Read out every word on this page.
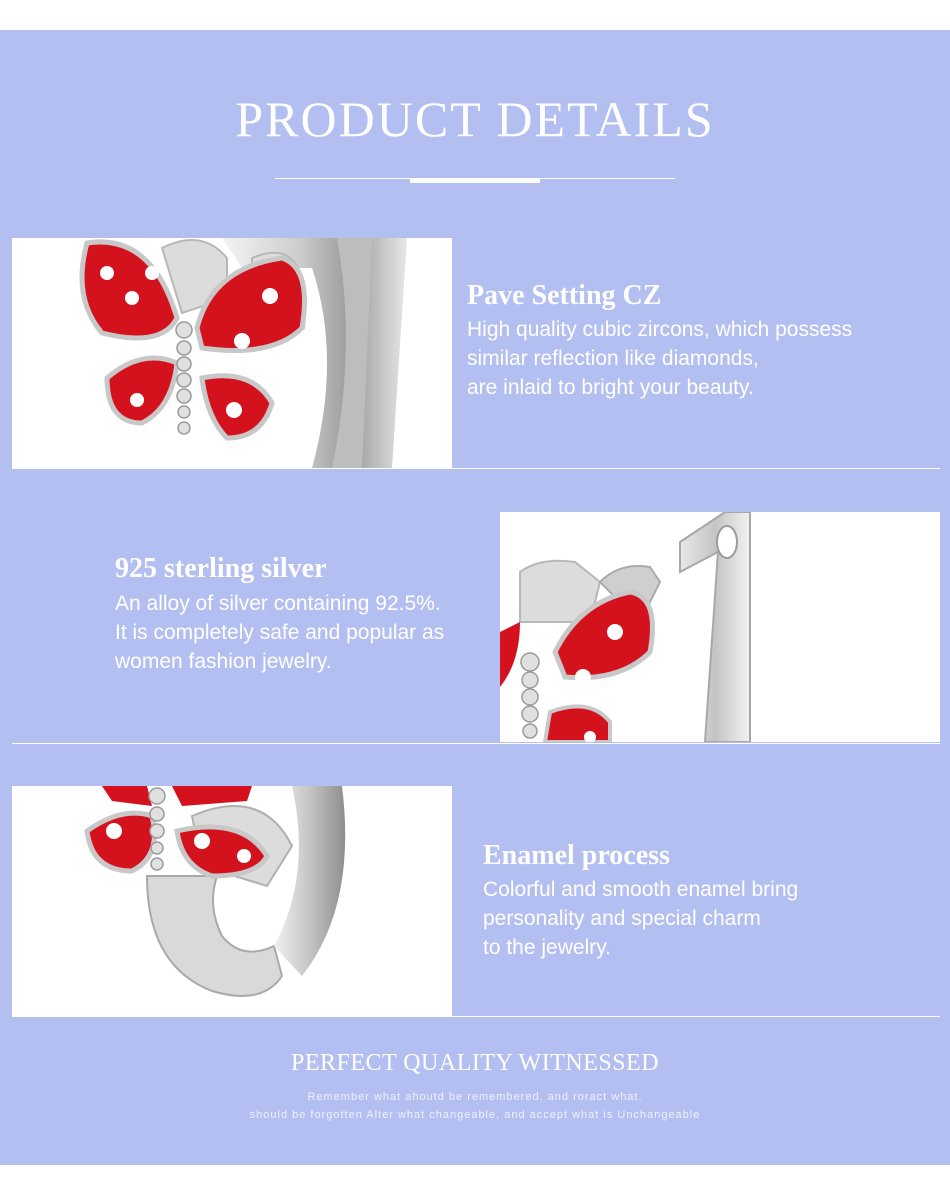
PRODUCT DETAILS
Pave Setting CZ
High quality cubic zircons, which possess
similar reflection like diamonds,
are inlaid to bright your beauty.
925 sterling silver
An alloy of silver containing 92.5%.
It is completely safe and popular as
women fashion jewelry.
Enamel process
Colorful and smooth enamel bring
personality and special charm
to the jewelry.
PERFECT QUALITY WITNESSED
Remember what ahoutd be remembered. and roract what.
should be forgotten Alter what changeable, and accept what is Unchangeable
